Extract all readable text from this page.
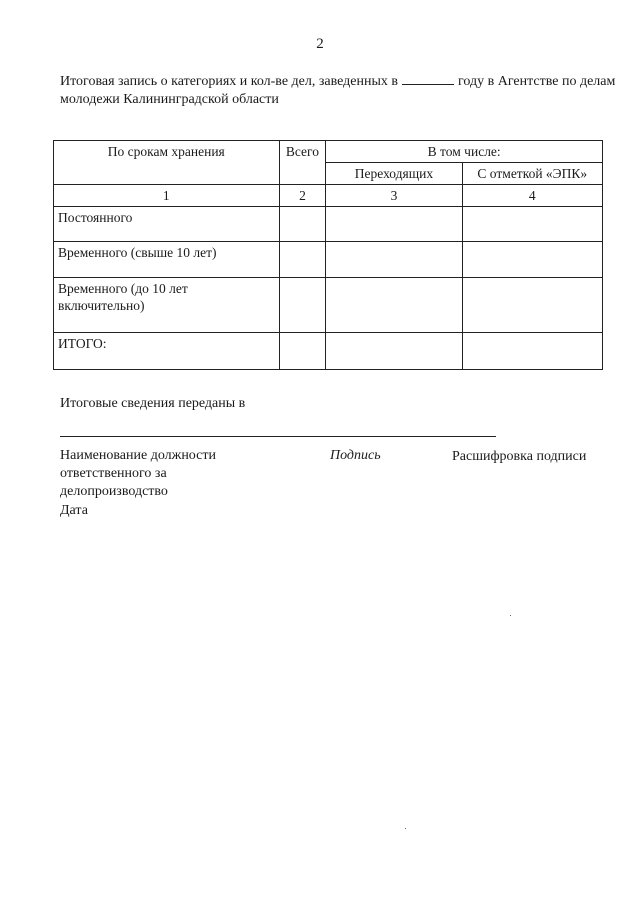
2
Итоговая запись о категориях и кол-ве дел, заведенных в	году в Агентстве по делам молодежи Калининградской области
По срокам хранения	Всего	В том числе:	
		Переходящих	С отметкой «ЭПК»
1	2	3	4
Постоянного			
Временного (свыше 10 лет)			
Временного (до 10 лет включительно)			
ИТОГО:			
Итоговые сведения переданы в
Наименование должности ответственного за делопроизводство
Подпись	Расшифровка подписи
Дата
